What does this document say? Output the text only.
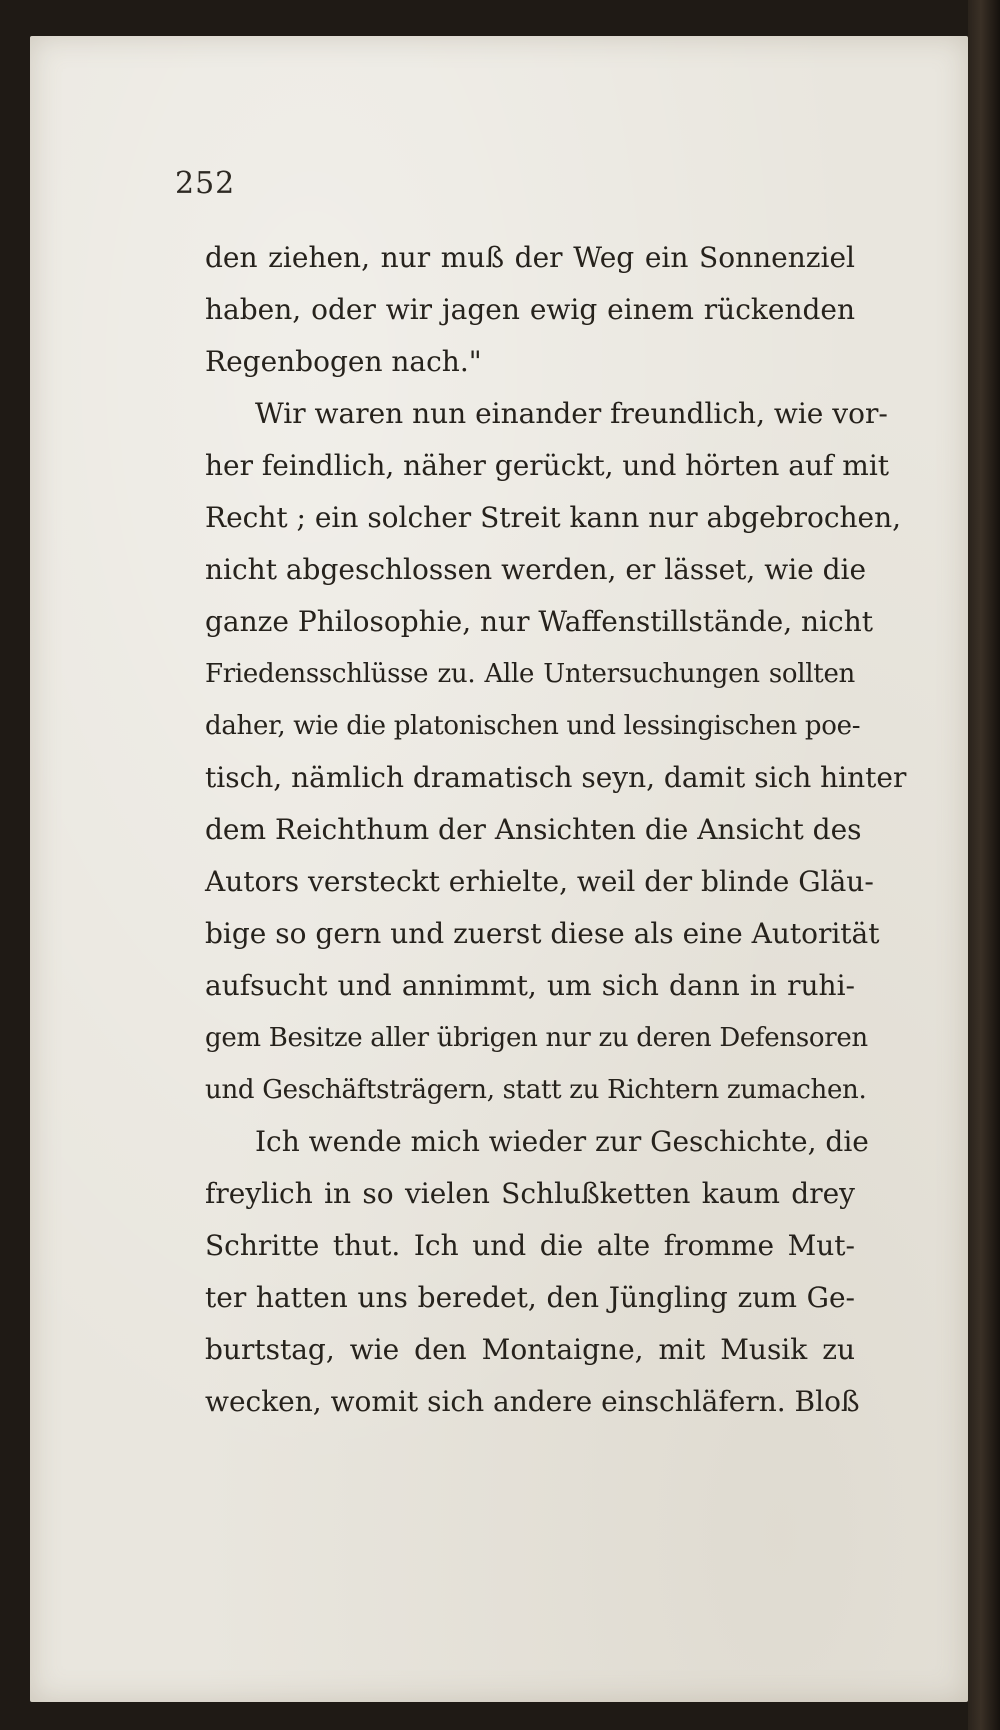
252
den ziehen, nur muß der Weg ein Sonnenziel
haben, oder wir jagen ewig einem rückenden
Regenbogen nach."
Wir waren nun einander freundlich, wie vor-
her feindlich, näher gerückt, und hörten auf mit
Recht ; ein solcher Streit kann nur abgebrochen,
nicht abgeschlossen werden, er lässet, wie die
ganze Philosophie, nur Waffenstillstände, nicht
Friedensschlüsse zu. Alle Untersuchungen sollten
daher, wie die platonischen und lessingischen poe-
tisch, nämlich dramatisch seyn, damit sich hinter
dem Reichthum der Ansichten die Ansicht des
Autors versteckt erhielte, weil der blinde Gläu-
bige so gern und zuerst diese als eine Autorität
aufsucht und annimmt, um sich dann in ruhi-
gem Besitze aller übrigen nur zu deren Defensoren
und Geschäftsträgern, statt zu Richtern zumachen.
Ich wende mich wieder zur Geschichte, die
freylich in so vielen Schlußketten kaum drey
Schritte thut. Ich und die alte fromme Mut-
ter hatten uns beredet, den Jüngling zum Ge-
burtstag, wie den Montaigne, mit Musik zu
wecken, womit sich andere einschläfern. Bloß
